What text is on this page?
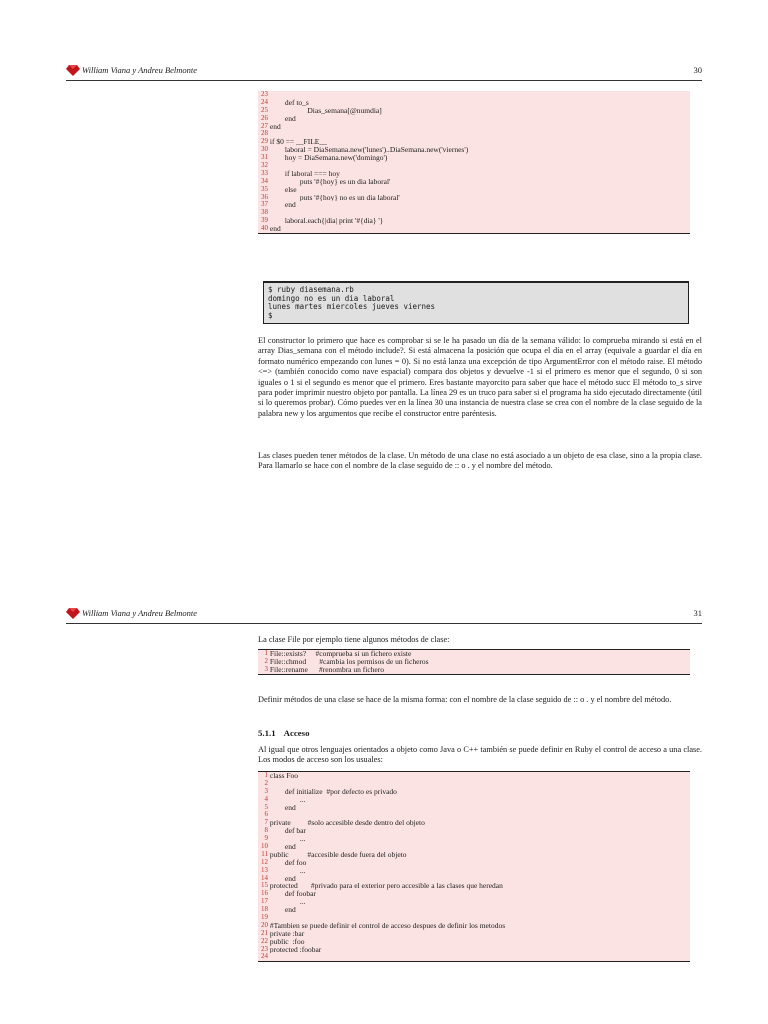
William Viana y Andreu Belmonte	30
23

24 def to_s
25 Dias_semana[@numdia]
26 end
27 end
28

29 if $0 == __FILE__
30 laboral = DiaSemana.new('lunes')..DiaSemana.new('viernes')
31 hoy = DiaSemana.new('domingo')
32

33 if laboral === hoy
34 puts '#{hoy} es un dia laboral'
35 else
36 puts '#{hoy} no es un dia laboral'
37 end
38

39 laboral.each{|dia| print '#{dia} '}
40 end
$ ruby diasemana.rb
domingo no es un dia laboral
lunes martes miercoles jueves viernes
$
El constructor lo primero que hace es comprobar si se le ha pasado un día de la semana válido: lo comprueba mirando si está en el array Dias_semana con el método include?. Si está almacena la posición que ocupa el día en el array (equivale a guardar el día en formato numérico empezando con lunes = 0). Si no está lanza una excepción de tipo ArgumentError con el método raise. El método <=> (también conocido como nave espacial) compara dos objetos y devuelve -1 si el primero es menor que el segundo, 0 si son iguales o 1 si el segundo es menor que el primero. Eres bastante mayorcito para saber que hace el método succ El método to_s sirve para poder imprimir nuestro objeto por pantalla. La línea 29 es un truco para saber si el programa ha sido ejecutado directamente (útil si lo queremos probar). Cómo puedes ver en la línea 30 una instancia de nuestra clase se crea con el nombre de la clase seguido de la palabra new y los argumentos que recibe el constructor entre paréntesis.
Las clases pueden tener métodos de la clase. Un método de una clase no está asociado a un objeto de esa clase, sino a la propia clase. Para llamarlo se hace con el nombre de la clase seguido de :: o . y el nombre del método.
William Viana y Andreu Belmonte	31
La clase File por ejemplo tiene algunos métodos de clase:
1 File::exists?     #comprueba si un fichero existe
2 File::chmod       #cambia los permisos de un ficheros
3 File::rename      #renombra un fichero
Definir métodos de una clase se hace de la misma forma: con el nombre de la clase seguido de :: o . y el nombre del método.
5.1.1 Acceso
Al igual que otros lenguajes orientados a objeto como Java o C++ también se puede definir en Ruby el control de acceso a una clase. Los modos de acceso son los usuales:
1 class Foo
2

3 def initialize  #por defecto es privado
4 ...
5 end
6

7 private         #solo accesible desde dentro del objeto
8 def bar
9 ...
10 end
11 public          #accesible desde fuera del objeto
12 def foo
13 ...
14 end
15 protected       #privado para el exterior pero accesible a las clases que heredan
16 def foobar
17 ...
18 end
19

20 #Tambien se puede definir el control de acceso despues de definir los metodos
21 private :bar
22 public  :foo
23 protected :foobar
24
